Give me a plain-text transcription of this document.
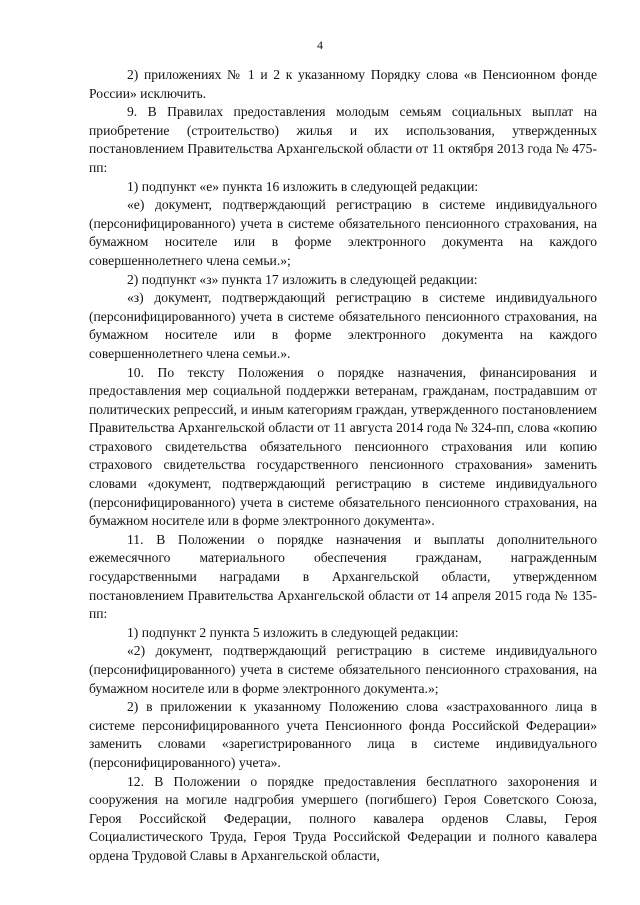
4

2) приложениях № 1 и 2 к указанному Порядку слова «в Пенсионном фонде России» исключить.

9. В Правилах предоставления молодым семьям социальных выплат на приобретение (строительство) жилья и их использования, утвержденных постановлением Правительства Архангельской области от 11 октября 2013 года № 475-пп:

1) подпункт «е» пункта 16 изложить в следующей редакции:

«е) документ, подтверждающий регистрацию в системе индивидуального (персонифицированного) учета в системе обязательного пенсионного страхования, на бумажном носителе или в форме электронного документа на каждого совершеннолетнего члена семьи.»;

2) подпункт «з» пункта 17 изложить в следующей редакции:

«з) документ, подтверждающий регистрацию в системе индивидуального (персонифицированного) учета в системе обязательного пенсионного страхования, на бумажном носителе или в форме электронного документа на каждого совершеннолетнего члена семьи.».

10. По тексту Положения о порядке назначения, финансирования и предоставления мер социальной поддержки ветеранам, гражданам, пострадавшим от политических репрессий, и иным категориям граждан, утвержденного постановлением Правительства Архангельской области от 11 августа 2014 года № 324-пп, слова «копию страхового свидетельства обязательного пенсионного страхования или копию страхового свидетельства государственного пенсионного страхования» заменить словами «документ, подтверждающий регистрацию в системе индивидуального (персонифицированного) учета в системе обязательного пенсионного страхования, на бумажном носителе или в форме электронного документа».

11. В Положении о порядке назначения и выплаты дополнительного ежемесячного материального обеспечения гражданам, награжденным государственными наградами в Архангельской области, утвержденном постановлением Правительства Архангельской области от 14 апреля 2015 года № 135-пп:

1) подпункт 2 пункта 5 изложить в следующей редакции:

«2) документ, подтверждающий регистрацию в системе индивидуального (персонифицированного) учета в системе обязательного пенсионного страхования, на бумажном носителе или в форме электронного документа.»;

2) в приложении к указанному Положению слова «застрахованного лица в системе персонифицированного учета Пенсионного фонда Российской Федерации» заменить словами «зарегистрированного лица в системе индивидуального (персонифицированного) учета».

12. В Положении о порядке предоставления бесплатного захоронения и сооружения на могиле надгробия умершего (погибшего) Героя Советского Союза, Героя Российской Федерации, полного кавалера орденов Славы, Героя Социалистического Труда, Героя Труда Российской Федерации и полного кавалера ордена Трудовой Славы в Архангельской области,
